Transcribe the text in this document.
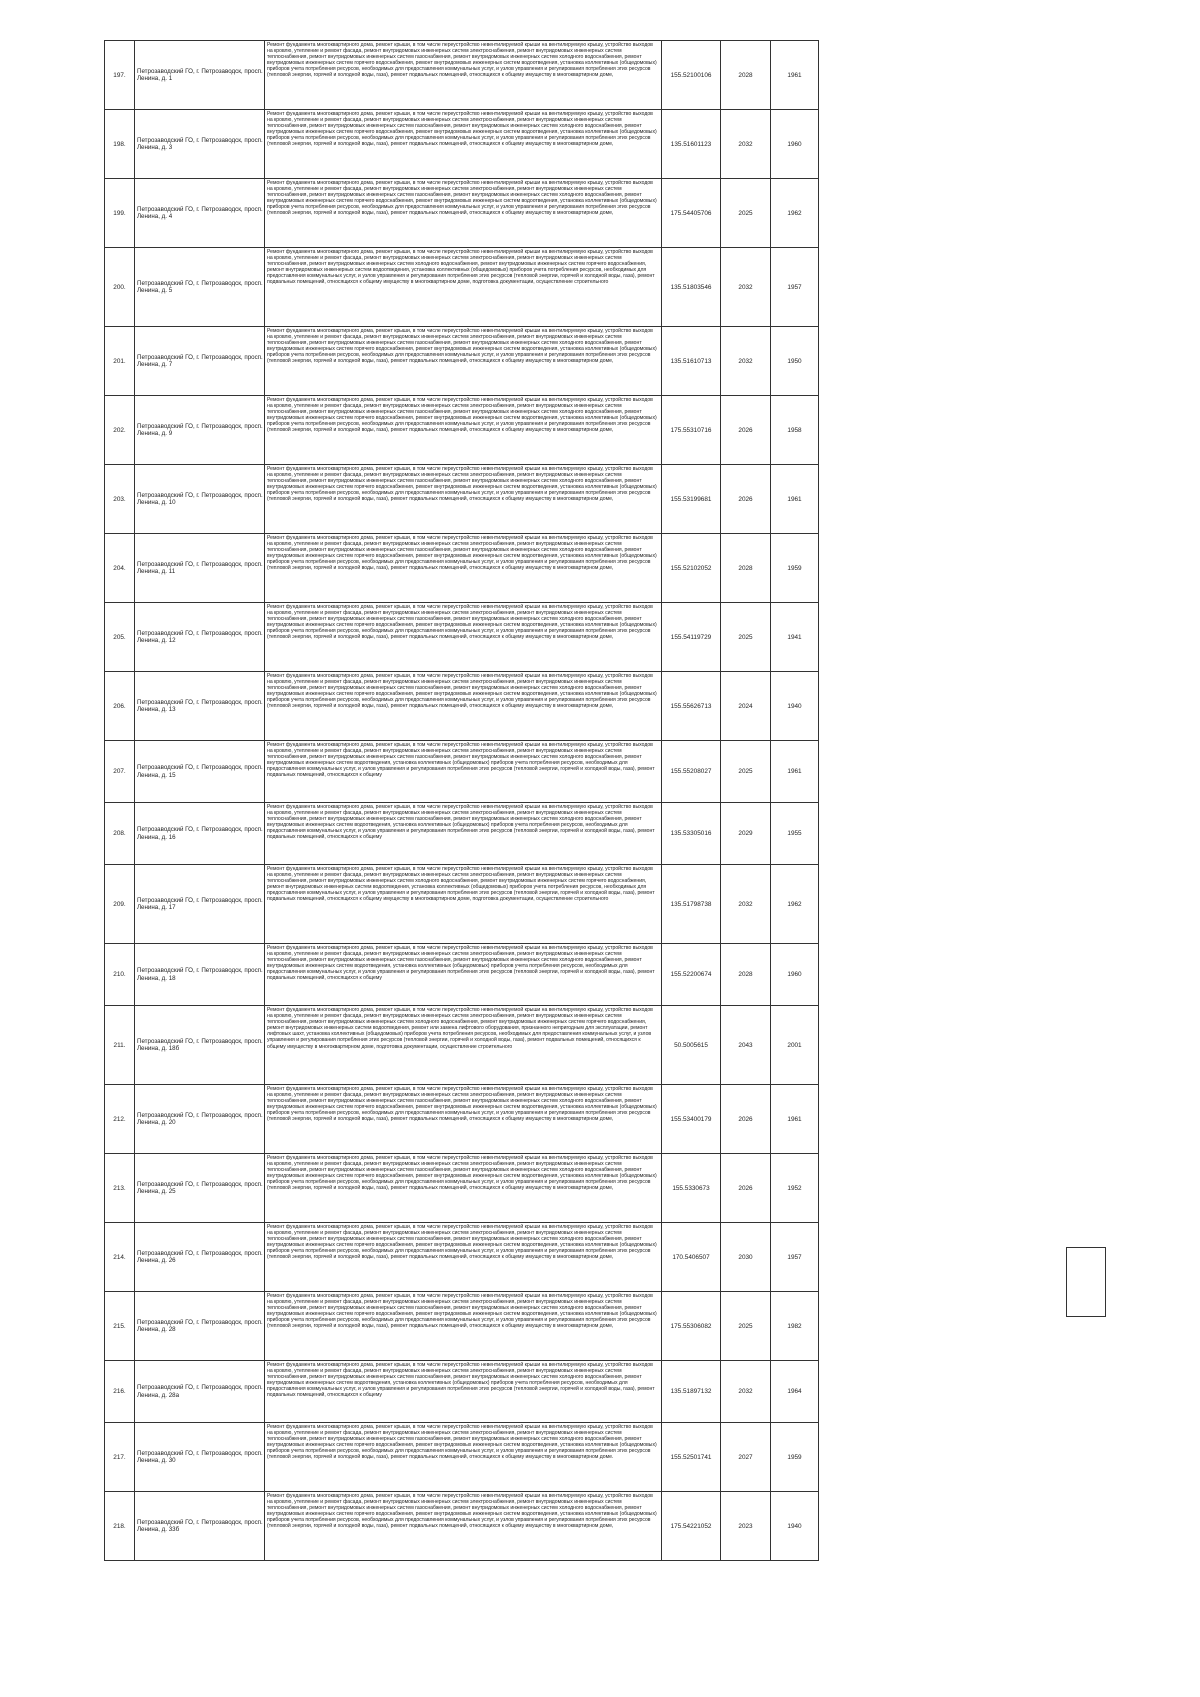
197.	Петрозаводский ГО, г. Петрозаводск, просп. Ленина, д. 1	Ремонт фундамента многоквартирного дома, ремонт крыши, в том числе переустройство невентилируемой крыши на вентилируемую крышу, устройство выходов на кровлю, утепление и ремонт фасада, ремонт внутридомовых инженерных систем электроснабжения, ремонт внутридомовых инженерных систем теплоснабжения, ремонт внутридомовых инженерных систем газоснабжения, ремонт внутридомовых инженерных систем холодного водоснабжения, ремонт внутридомовых инженерных систем горячего водоснабжения, ремонт внутридомовых инженерных систем водоотведения, установка коллективных (общедомовых) приборов учета потребления ресурсов, необходимых для предоставления коммунальных услуг, и узлов управления и регулирования потребления этих ресурсов (тепловой энергии, горячей и холодной воды, газа), ремонт подвальных помещений, относящихся к общему имуществу в многоквартирном доме,	155.52100106	2028	1961
198.	Петрозаводский ГО, г. Петрозаводск, просп. Ленина, д. 3	Ремонт фундамента многоквартирного дома, ремонт крыши, в том числе переустройство невентилируемой крыши на вентилируемую крышу, устройство выходов на кровлю, утепление и ремонт фасада, ремонт внутридомовых инженерных систем электроснабжения, ремонт внутридомовых инженерных систем теплоснабжения, ремонт внутридомовых инженерных систем газоснабжения, ремонт внутридомовых инженерных систем холодного водоснабжения, ремонт внутридомовых инженерных систем горячего водоснабжения, ремонт внутридомовых инженерных систем водоотведения, установка коллективных (общедомовых) приборов учета потребления ресурсов, необходимых для предоставления коммунальных услуг, и узлов управления и регулирования потребления этих ресурсов (тепловой энергии, горячей и холодной воды, газа), ремонт подвальных помещений, относящихся к общему имуществу в многоквартирном доме,	135.51601123	2032	1960
199.	Петрозаводский ГО, г. Петрозаводск, просп. Ленина, д. 4	Ремонт фундамента многоквартирного дома, ремонт крыши, в том числе переустройство невентилируемой крыши на вентилируемую крышу, устройство выходов на кровлю, утепление и ремонт фасада, ремонт внутридомовых инженерных систем электроснабжения, ремонт внутридомовых инженерных систем теплоснабжения, ремонт внутридомовых инженерных систем газоснабжения, ремонт внутридомовых инженерных систем холодного водоснабжения, ремонт внутридомовых инженерных систем горячего водоснабжения, ремонт внутридомовых инженерных систем водоотведения, установка коллективных (общедомовых) приборов учета потребления ресурсов, необходимых для предоставления коммунальных услуг, и узлов управления и регулирования потребления этих ресурсов (тепловой энергии, горячей и холодной воды, газа), ремонт подвальных помещений, относящихся к общему имуществу в многоквартирном доме,	175.54405706	2025	1962
200.	Петрозаводский ГО, г. Петрозаводск, просп. Ленина, д. 5	Ремонт фундамента многоквартирного дома, ремонт крыши, в том числе переустройство невентилируемой крыши на вентилируемую крышу, устройство выходов на кровлю, утепление и ремонт фасада, ремонт внутридомовых инженерных систем электроснабжения, ремонт внутридомовых инженерных систем теплоснабжения, ремонт внутридомовых инженерных систем холодного водоснабжения, ремонт внутридомовых инженерных систем горячего водоснабжения, ремонт внутридомовых инженерных систем водоотведения, установка коллективных (общедомовых) приборов учета потребления ресурсов, необходимых для предоставления коммунальных услуг, и узлов управления и регулирования потребления этих ресурсов (тепловой энергии, горячей и холодной воды, газа), ремонт подвальных помещений, относящихся к общему имуществу в многоквартирном доме, подготовка документации, осуществление строительного	135.51803546	2032	1957
201.	Петрозаводский ГО, г. Петрозаводск, просп. Ленина, д. 7	Ремонт фундамента многоквартирного дома, ремонт крыши, в том числе переустройство невентилируемой крыши на вентилируемую крышу, устройство выходов на кровлю, утепление и ремонт фасада, ремонт внутридомовых инженерных систем электроснабжения, ремонт внутридомовых инженерных систем теплоснабжения, ремонт внутридомовых инженерных систем газоснабжения, ремонт внутридомовых инженерных систем холодного водоснабжения, ремонт внутридомовых инженерных систем горячего водоснабжения, ремонт внутридомовых инженерных систем водоотведения, установка коллективных (общедомовых) приборов учета потребления ресурсов, необходимых для предоставления коммунальных услуг, и узлов управления и регулирования потребления этих ресурсов (тепловой энергии, горячей и холодной воды, газа), ремонт подвальных помещений, относящихся к общему имуществу в многоквартирном доме,	135.51610713	2032	1950
202.	Петрозаводский ГО, г. Петрозаводск, просп. Ленина, д. 9	Ремонт фундамента многоквартирного дома, ремонт крыши, в том числе переустройство невентилируемой крыши на вентилируемую крышу, устройство выходов на кровлю, утепление и ремонт фасада, ремонт внутридомовых инженерных систем электроснабжения, ремонт внутридомовых инженерных систем теплоснабжения, ремонт внутридомовых инженерных систем газоснабжения, ремонт внутридомовых инженерных систем холодного водоснабжения, ремонт внутридомовых инженерных систем горячего водоснабжения, ремонт внутридомовых инженерных систем водоотведения, установка коллективных (общедомовых) приборов учета потребления ресурсов, необходимых для предоставления коммунальных услуг, и узлов управления и регулирования потребления этих ресурсов (тепловой энергии, горячей и холодной воды, газа), ремонт подвальных помещений, относящихся к общему имуществу в многоквартирном доме,	175.55310716	2026	1958
203.	Петрозаводский ГО, г. Петрозаводск, просп. Ленина, д. 10	Ремонт фундамента многоквартирного дома, ремонт крыши, в том числе переустройство невентилируемой крыши на вентилируемую крышу, устройство выходов на кровлю, утепление и ремонт фасада, ремонт внутридомовых инженерных систем электроснабжения, ремонт внутридомовых инженерных систем теплоснабжения, ремонт внутридомовых инженерных систем газоснабжения, ремонт внутридомовых инженерных систем холодного водоснабжения, ремонт внутридомовых инженерных систем горячего водоснабжения, ремонт внутридомовых инженерных систем водоотведения, установка коллективных (общедомовых) приборов учета потребления ресурсов, необходимых для предоставления коммунальных услуг, и узлов управления и регулирования потребления этих ресурсов (тепловой энергии, горячей и холодной воды, газа), ремонт подвальных помещений, относящихся к общему имуществу в многоквартирном доме,	155.53199681	2026	1961
204.	Петрозаводский ГО, г. Петрозаводск, просп. Ленина, д. 11	Ремонт фундамента многоквартирного дома, ремонт крыши, в том числе переустройство невентилируемой крыши на вентилируемую крышу, устройство выходов на кровлю, утепление и ремонт фасада, ремонт внутридомовых инженерных систем электроснабжения, ремонт внутридомовых инженерных систем теплоснабжения, ремонт внутридомовых инженерных систем газоснабжения, ремонт внутридомовых инженерных систем холодного водоснабжения, ремонт внутридомовых инженерных систем горячего водоснабжения, ремонт внутридомовых инженерных систем водоотведения, установка коллективных (общедомовых) приборов учета потребления ресурсов, необходимых для предоставления коммунальных услуг, и узлов управления и регулирования потребления этих ресурсов (тепловой энергии, горячей и холодной воды, газа), ремонт подвальных помещений, относящихся к общему имуществу в многоквартирном доме,	155.52102052	2028	1959
205.	Петрозаводский ГО, г. Петрозаводск, просп. Ленина, д. 12	Ремонт фундамента многоквартирного дома, ремонт крыши, в том числе переустройство невентилируемой крыши на вентилируемую крышу, устройство выходов на кровлю, утепление и ремонт фасада, ремонт внутридомовых инженерных систем электроснабжения, ремонт внутридомовых инженерных систем теплоснабжения, ремонт внутридомовых инженерных систем газоснабжения, ремонт внутридомовых инженерных систем холодного водоснабжения, ремонт внутридомовых инженерных систем горячего водоснабжения, ремонт внутридомовых инженерных систем водоотведения, установка коллективных (общедомовых) приборов учета потребления ресурсов, необходимых для предоставления коммунальных услуг, и узлов управления и регулирования потребления этих ресурсов (тепловой энергии, горячей и холодной воды, газа), ремонт подвальных помещений, относящихся к общему имуществу в многоквартирном доме,	155.54119729	2025	1941
206.	Петрозаводский ГО, г. Петрозаводск, просп. Ленина, д. 13	Ремонт фундамента многоквартирного дома, ремонт крыши, в том числе переустройство невентилируемой крыши на вентилируемую крышу, устройство выходов на кровлю, утепление и ремонт фасада, ремонт внутридомовых инженерных систем электроснабжения, ремонт внутридомовых инженерных систем теплоснабжения, ремонт внутридомовых инженерных систем газоснабжения, ремонт внутридомовых инженерных систем холодного водоснабжения, ремонт внутридомовых инженерных систем горячего водоснабжения, ремонт внутридомовых инженерных систем водоотведения, установка коллективных (общедомовых) приборов учета потребления ресурсов, необходимых для предоставления коммунальных услуг, и узлов управления и регулирования потребления этих ресурсов (тепловой энергии, горячей и холодной воды, газа), ремонт подвальных помещений, относящихся к общему имуществу в многоквартирном доме,	155.55626713	2024	1940
207.	Петрозаводский ГО, г. Петрозаводск, просп. Ленина, д. 15	Ремонт фундамента многоквартирного дома, ремонт крыши, в том числе переустройство невентилируемой крыши на вентилируемую крышу, устройство выходов на кровлю, утепление и ремонт фасада, ремонт внутридомовых инженерных систем электроснабжения, ремонт внутридомовых инженерных систем теплоснабжения, ремонт внутридомовых инженерных систем газоснабжения, ремонт внутридомовых инженерных систем холодного водоснабжения, ремонт внутридомовых инженерных систем водоотведения, установка коллективных (общедомовых) приборов учета потребления ресурсов, необходимых для предоставления коммунальных услуг, и узлов управления и регулирования потребления этих ресурсов (тепловой энергии, горячей и холодной воды, газа), ремонт подвальных помещений, относящихся к общему	155.55208027	2025	1961
208.	Петрозаводский ГО, г. Петрозаводск, просп. Ленина, д. 16	Ремонт фундамента многоквартирного дома, ремонт крыши, в том числе переустройство невентилируемой крыши на вентилируемую крышу, устройство выходов на кровлю, утепление и ремонт фасада, ремонт внутридомовых инженерных систем электроснабжения, ремонт внутридомовых инженерных систем теплоснабжения, ремонт внутридомовых инженерных систем газоснабжения, ремонт внутридомовых инженерных систем холодного водоснабжения, ремонт внутридомовых инженерных систем водоотведения, установка коллективных (общедомовых) приборов учета потребления ресурсов, необходимых для предоставления коммунальных услуг, и узлов управления и регулирования потребления этих ресурсов (тепловой энергии, горячей и холодной воды, газа), ремонт подвальных помещений, относящихся к общему	135.53305016	2029	1955
209.	Петрозаводский ГО, г. Петрозаводск, просп. Ленина, д. 17	Ремонт фундамента многоквартирного дома, ремонт крыши, в том числе переустройство невентилируемой крыши на вентилируемую крышу, устройство выходов на кровлю, утепление и ремонт фасада, ремонт внутридомовых инженерных систем электроснабжения, ремонт внутридомовых инженерных систем теплоснабжения, ремонт внутридомовых инженерных систем холодного водоснабжения, ремонт внутридомовых инженерных систем горячего водоснабжения, ремонт внутридомовых инженерных систем водоотведения, установка коллективных (общедомовых) приборов учета потребления ресурсов, необходимых для предоставления коммунальных услуг, и узлов управления и регулирования потребления этих ресурсов (тепловой энергии, горячей и холодной воды, газа), ремонт подвальных помещений, относящихся к общему имуществу в многоквартирном доме, подготовка документации, осуществление строительного	135.51798738	2032	1962
210.	Петрозаводский ГО, г. Петрозаводск, просп. Ленина, д. 18	Ремонт фундамента многоквартирного дома, ремонт крыши, в том числе переустройство невентилируемой крыши на вентилируемую крышу, устройство выходов на кровлю, утепление и ремонт фасада, ремонт внутридомовых инженерных систем электроснабжения, ремонт внутридомовых инженерных систем теплоснабжения, ремонт внутридомовых инженерных систем газоснабжения, ремонт внутридомовых инженерных систем холодного водоснабжения, ремонт внутридомовых инженерных систем водоотведения, установка коллективных (общедомовых) приборов учета потребления ресурсов, необходимых для предоставления коммунальных услуг, и узлов управления и регулирования потребления этих ресурсов (тепловой энергии, горячей и холодной воды, газа), ремонт подвальных помещений, относящихся к общему	155.52200674	2028	1960
211.	Петрозаводский ГО, г. Петрозаводск, просп. Ленина, д. 18б	Ремонт фундамента многоквартирного дома, ремонт крыши, в том числе переустройство невентилируемой крыши на вентилируемую крышу, устройство выходов на кровлю, утепление и ремонт фасада, ремонт внутридомовых инженерных систем электроснабжения, ремонт внутридомовых инженерных систем теплоснабжения, ремонт внутридомовых инженерных систем холодного водоснабжения, ремонт внутридомовых инженерных систем горячего водоснабжения, ремонт внутридомовых инженерных систем водоотведения, ремонт или замена лифтового оборудования, признанного непригодным для эксплуатации, ремонт лифтовых шахт, установка коллективных (общедомовых) приборов учета потребления ресурсов, необходимых для предоставления коммунальных услуг, и узлов управления и регулирования потребления этих ресурсов (тепловой энергии, горячей и холодной воды, газа), ремонт подвальных помещений, относящихся к общему имуществу в многоквартирном доме, подготовка документации, осуществление строительного	50.5005615	2043	2001
212.	Петрозаводский ГО, г. Петрозаводск, просп. Ленина, д. 20	Ремонт фундамента многоквартирного дома, ремонт крыши, в том числе переустройство невентилируемой крыши на вентилируемую крышу, устройство выходов на кровлю, утепление и ремонт фасада, ремонт внутридомовых инженерных систем электроснабжения, ремонт внутридомовых инженерных систем теплоснабжения, ремонт внутридомовых инженерных систем газоснабжения, ремонт внутридомовых инженерных систем холодного водоснабжения, ремонт внутридомовых инженерных систем горячего водоснабжения, ремонт внутридомовых инженерных систем водоотведения, установка коллективных (общедомовых) приборов учета потребления ресурсов, необходимых для предоставления коммунальных услуг, и узлов управления и регулирования потребления этих ресурсов (тепловой энергии, горячей и холодной воды, газа), ремонт подвальных помещений, относящихся к общему имуществу в многоквартирном доме,	155.53400179	2026	1961
213.	Петрозаводский ГО, г. Петрозаводск, просп. Ленина, д. 25	Ремонт фундамента многоквартирного дома, ремонт крыши, в том числе переустройство невентилируемой крыши на вентилируемую крышу, устройство выходов на кровлю, утепление и ремонт фасада, ремонт внутридомовых инженерных систем электроснабжения, ремонт внутридомовых инженерных систем теплоснабжения, ремонт внутридомовых инженерных систем газоснабжения, ремонт внутридомовых инженерных систем холодного водоснабжения, ремонт внутридомовых инженерных систем горячего водоснабжения, ремонт внутридомовых инженерных систем водоотведения, установка коллективных (общедомовых) приборов учета потребления ресурсов, необходимых для предоставления коммунальных услуг, и узлов управления и регулирования потребления этих ресурсов (тепловой энергии, горячей и холодной воды, газа), ремонт подвальных помещений, относящихся к общему имуществу в многоквартирном доме,	155.5330673	2026	1952
214.	Петрозаводский ГО, г. Петрозаводск, просп. Ленина, д. 26	Ремонт фундамента многоквартирного дома, ремонт крыши, в том числе переустройство невентилируемой крыши на вентилируемую крышу, устройство выходов на кровлю, утепление и ремонт фасада, ремонт внутридомовых инженерных систем электроснабжения, ремонт внутридомовых инженерных систем теплоснабжения, ремонт внутридомовых инженерных систем газоснабжения, ремонт внутридомовых инженерных систем холодного водоснабжения, ремонт внутридомовых инженерных систем горячего водоснабжения, ремонт внутридомовых инженерных систем водоотведения, установка коллективных (общедомовых) приборов учета потребления ресурсов, необходимых для предоставления коммунальных услуг, и узлов управления и регулирования потребления этих ресурсов (тепловой энергии, горячей и холодной воды, газа), ремонт подвальных помещений, относящихся к общему имуществу в многоквартирном доме,	170.5406507	2030	1957
215.	Петрозаводский ГО, г. Петрозаводск, просп. Ленина, д. 28	Ремонт фундамента многоквартирного дома, ремонт крыши, в том числе переустройство невентилируемой крыши на вентилируемую крышу, устройство выходов на кровлю, утепление и ремонт фасада, ремонт внутридомовых инженерных систем электроснабжения, ремонт внутридомовых инженерных систем теплоснабжения, ремонт внутридомовых инженерных систем газоснабжения, ремонт внутридомовых инженерных систем холодного водоснабжения, ремонт внутридомовых инженерных систем горячего водоснабжения, ремонт внутридомовых инженерных систем водоотведения, установка коллективных (общедомовых) приборов учета потребления ресурсов, необходимых для предоставления коммунальных услуг, и узлов управления и регулирования потребления этих ресурсов (тепловой энергии, горячей и холодной воды, газа), ремонт подвальных помещений, относящихся к общему имуществу в многоквартирном доме,	175.55306082	2025	1982
216.	Петрозаводский ГО, г. Петрозаводск, просп. Ленина, д. 28а	Ремонт фундамента многоквартирного дома, ремонт крыши, в том числе переустройство невентилируемой крыши на вентилируемую крышу, устройство выходов на кровлю, утепление и ремонт фасада, ремонт внутридомовых инженерных систем электроснабжения, ремонт внутридомовых инженерных систем теплоснабжения, ремонт внутридомовых инженерных систем газоснабжения, ремонт внутридомовых инженерных систем холодного водоснабжения, ремонт внутридомовых инженерных систем водоотведения, установка коллективных (общедомовых) приборов учета потребления ресурсов, необходимых для предоставления коммунальных услуг, и узлов управления и регулирования потребления этих ресурсов (тепловой энергии, горячей и холодной воды, газа), ремонт подвальных помещений, относящихся к общему	135.51897132	2032	1964
217.	Петрозаводский ГО, г. Петрозаводск, просп. Ленина, д. 30	Ремонт фундамента многоквартирного дома, ремонт крыши, в том числе переустройство невентилируемой крыши на вентилируемую крышу, устройство выходов на кровлю, утепление и ремонт фасада, ремонт внутридомовых инженерных систем электроснабжения, ремонт внутридомовых инженерных систем теплоснабжения, ремонт внутридомовых инженерных систем газоснабжения, ремонт внутридомовых инженерных систем холодного водоснабжения, ремонт внутридомовых инженерных систем горячего водоснабжения, ремонт внутридомовых инженерных систем водоотведения, установка коллективных (общедомовых) приборов учета потребления ресурсов, необходимых для предоставления коммунальных услуг, и узлов управления и регулирования потребления этих ресурсов (тепловой энергии, горячей и холодной воды, газа), ремонт подвальных помещений, относящихся к общему имуществу в многоквартирном доме.	155.52501741	2027	1959
218.	Петрозаводский ГО, г. Петрозаводск, просп. Ленина, д. 33б	Ремонт фундамента многоквартирного дома, ремонт крыши, в том числе переустройство невентилируемой крыши на вентилируемую крышу, устройство выходов на кровлю, утепление и ремонт фасада, ремонт внутридомовых инженерных систем электроснабжения, ремонт внутридомовых инженерных систем теплоснабжения, ремонт внутридомовых инженерных систем газоснабжения, ремонт внутридомовых инженерных систем холодного водоснабжения, ремонт внутридомовых инженерных систем горячего водоснабжения, ремонт внутридомовых инженерных систем водоотведения, установка коллективных (общедомовых) приборов учета потребления ресурсов, необходимых для предоставления коммунальных услуг, и узлов управления и регулирования потребления этих ресурсов (тепловой энергии, горячей и холодной воды, газа), ремонт подвальных помещений, относящихся к общему имуществу в многоквартирном доме,	175.54221052	2023	1940
